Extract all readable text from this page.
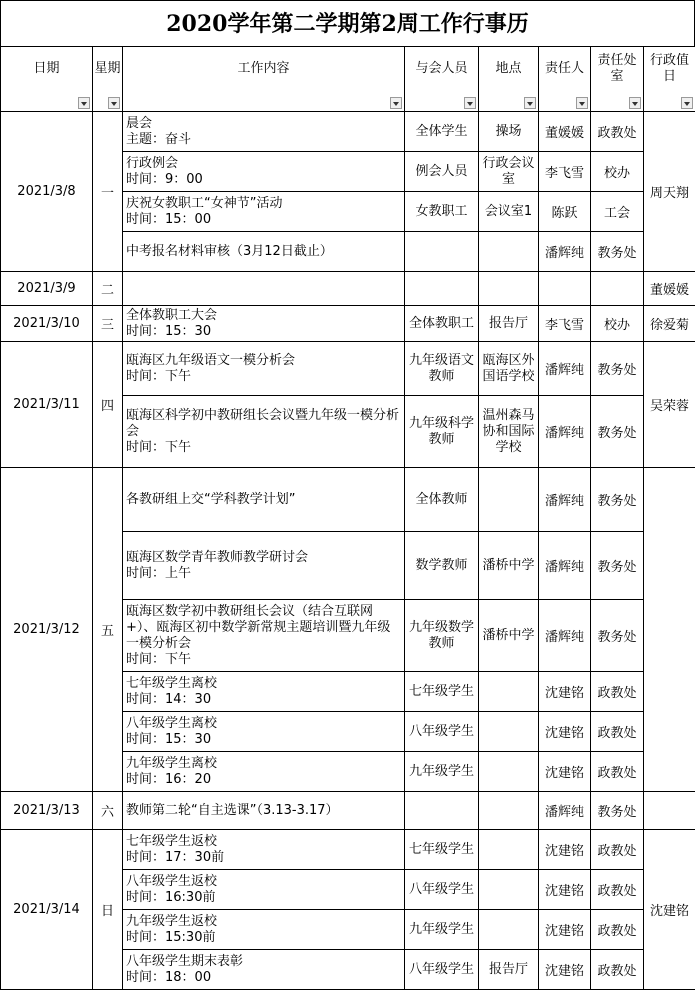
2020学年第二学期第2周工作行事历
日期	星期	工作内容	与会人员	地点	责任人	责任处室	行政值日

2021/3/8	一	晨会
主题：奋斗	全体学生	操场	董媛媛	政教处	周天翔

		行政例会
时间：9：00	例会人员	行政会议室	李飞雪	校办	

		庆祝女教职工“女神节”活动
时间：15：00	女教职工	会议室1	陈跃	工会	

		中考报名材料审核（3月12日截止）			潘辉纯	教务处	
2021/3/9	二						董媛媛
2021/3/10	三	全体教职工大会
时间：15：30	全体教职工	报告厅	李飞雪	校办	徐爱菊
2021/3/11	四	瓯海区九年级语文一模分析会
时间：下午	九年级语文教师	瓯海区外国语学校	潘辉纯	教务处	吴荣蓉

		瓯海区科学初中教研组长会议暨九年级一模分析会
时间：下午	九年级科学教师	温州森马协和国际学校	潘辉纯	教务处	
2021/3/12	五	各教研组上交“学科教学计划”	全体教师		潘辉纯	教务处	

		瓯海区数学青年教师教学研讨会
时间：上午	数学教师	潘桥中学	潘辉纯	教务处	

		瓯海区数学初中教研组长会议（结合互联网+）、瓯海区初中数学新常规主题培训暨九年级一模分析会
时间：下午	九年级数学教师	潘桥中学	潘辉纯	教务处	

		七年级学生离校
时间：14：30	七年级学生		沈建铭	政教处	

		八年级学生离校
时间：15：30	八年级学生		沈建铭	政教处	

		九年级学生离校
时间：16：20	九年级学生		沈建铭	政教处	
2021/3/13	六	教师第二轮“自主选课”（3.13-3.17）			潘辉纯	教务处	
2021/3/14	日	七年级学生返校
时间：17：30前	七年级学生		沈建铭	政教处	沈建铭

		八年级学生返校
时间：16:30前	八年级学生		沈建铭	政教处	

		九年级学生返校
时间：15:30前	九年级学生		沈建铭	政教处	

		八年级学生期末表彰
时间：18：00	八年级学生	报告厅	沈建铭	政教处	
